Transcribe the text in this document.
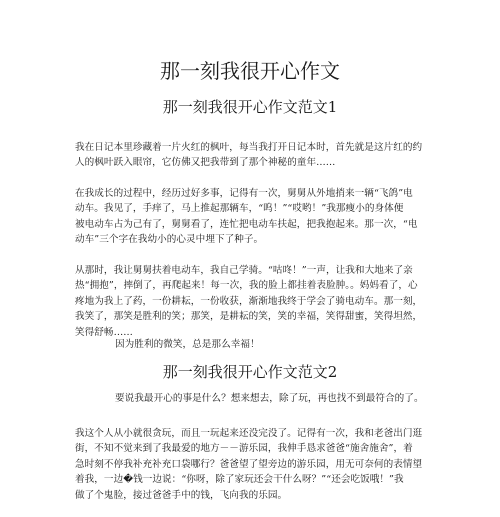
那一刻我很开心作文
那一刻我很开心作文范文1

我在日记本里珍藏着一片火红的枫叶，每当我打开日记本时，首先就是这片红的约
人的枫叶跃入眼帘，它仿佛又把我带到了那个神秘的童年……

在我成长的过程中，经历过好多事，记得有一次，舅舅从外地捎来一辆“飞鸽”电
动车。我见了，手痒了，马上推起那辆车，“呜！”“哎哟！”我那瘦小的身体便
被电动车占为己有了，舅舅看了，连忙把电动车扶起，把我抱起来。那一次，“电
动车”三个字在我幼小的心灵中埋下了种子。

从那时，我让舅舅扶着电动车，我自己学骑。“咕咚！”一声，让我和大地来了亲
热“拥抱”，摔倒了，再爬起来！每一次，我的脸上都挂着表脸肿。。妈妈看了，心
疼地为我上了药，一份耕耘，一份收获，渐渐地我终于学会了骑电动车。那一刻，
我笑了，那笑是胜利的笑；那笑，是耕耘的笑，笑的幸福，笑得甜蜜，笑得坦然，
笑得舒畅……

因为胜利的微笑，总是那么幸福！

那一刻我很开心作文范文2

要说我最开心的事是什么？想来想去，除了玩，再也找不到最符合的了。

我这个人从小就很贪玩，而且一玩起来还没完没了。记得有一次，我和老爸出门逛
街，不知不觉来到了我最爱的地方－－游乐园，我伸手恳求爸爸“施舍施舍”，着
急时刻不停我补充补充口袋哪行？爸爸望了望旁边的游乐园，用无可奈何的表情望
着我，一边�钱一边说：“你呀，除了家玩还会干什么呀？”“还会吃饭哦！”我
做了个鬼脸，接过爸爸手中的钱，飞向我的乐园。
